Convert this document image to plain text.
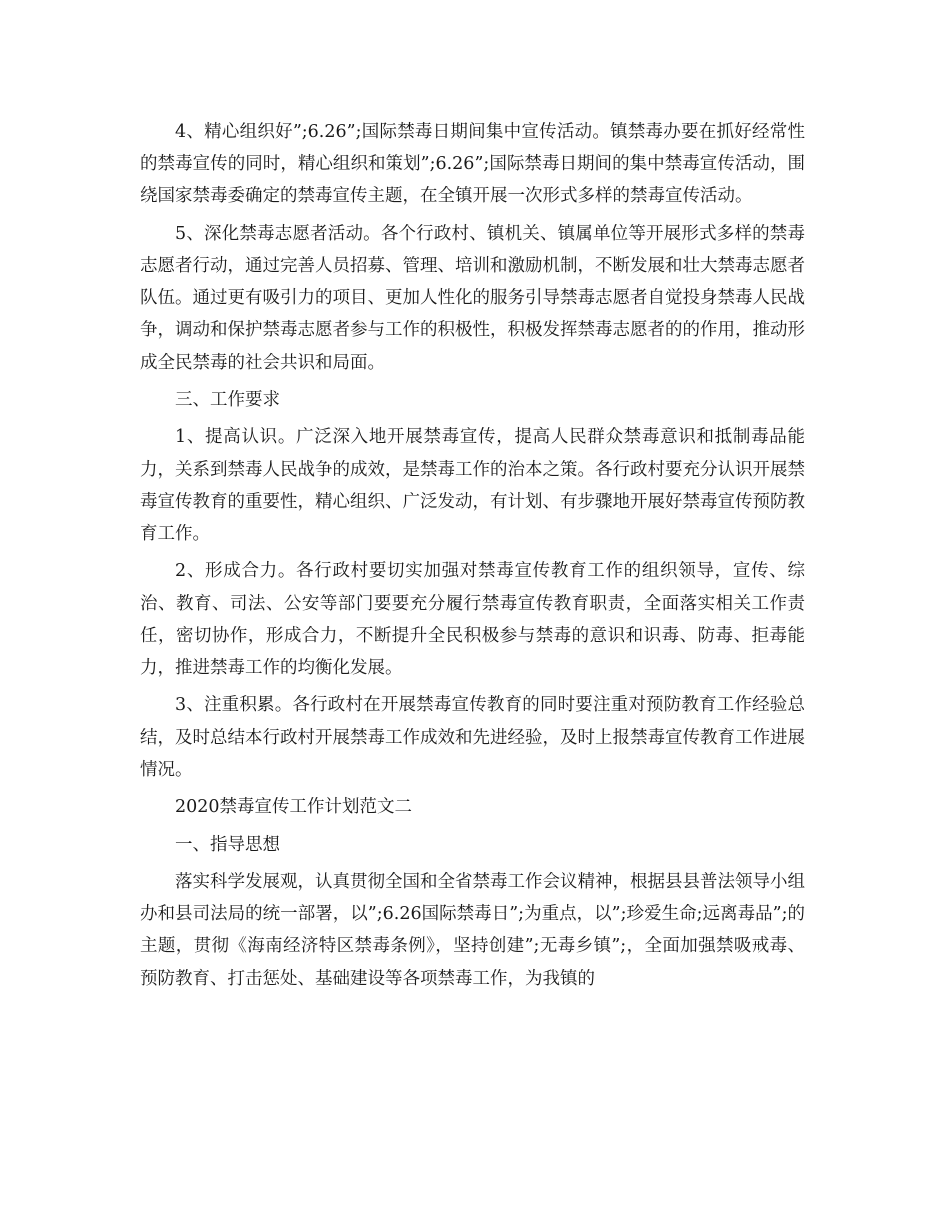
4、精心组织好”;6.26”;国际禁毒日期间集中宣传活动。镇禁毒办要在抓好经常性的禁毒宣传的同时，精心组织和策划”;6.26”;国际禁毒日期间的集中禁毒宣传活动，围绕国家禁毒委确定的禁毒宣传主题，在全镇开展一次形式多样的禁毒宣传活动。

5、深化禁毒志愿者活动。各个行政村、镇机关、镇属单位等开展形式多样的禁毒志愿者行动，通过完善人员招募、管理、培训和激励机制，不断发展和壮大禁毒志愿者队伍。通过更有吸引力的项目、更加人性化的服务引导禁毒志愿者自觉投身禁毒人民战争，调动和保护禁毒志愿者参与工作的积极性，积极发挥禁毒志愿者的的作用，推动形成全民禁毒的社会共识和局面。

三、工作要求

1、提高认识。广泛深入地开展禁毒宣传，提高人民群众禁毒意识和抵制毒品能力，关系到禁毒人民战争的成效，是禁毒工作的治本之策。各行政村要充分认识开展禁毒宣传教育的重要性，精心组织、广泛发动，有计划、有步骤地开展好禁毒宣传预防教育工作。

2、形成合力。各行政村要切实加强对禁毒宣传教育工作的组织领导，宣传、综治、教育、司法、公安等部门要要充分履行禁毒宣传教育职责，全面落实相关工作责任，密切协作，形成合力，不断提升全民积极参与禁毒的意识和识毒、防毒、拒毒能力，推进禁毒工作的均衡化发展。

3、注重积累。各行政村在开展禁毒宣传教育的同时要注重对预防教育工作经验总结，及时总结本行政村开展禁毒工作成效和先进经验，及时上报禁毒宣传教育工作进展情况。

2020禁毒宣传工作计划范文二

一、指导思想

落实科学发展观，认真贯彻全国和全省禁毒工作会议精神，根据县县普法领导小组办和县司法局的统一部署，以”;6.26国际禁毒日”;为重点，以”;珍爱生命;远离毒品”;的主题，贯彻《海南经济特区禁毒条例》，坚持创建”;无毒乡镇”;，全面加强禁吸戒毒、预防教育、打击惩处、基础建设等各项禁毒工作，为我镇的
